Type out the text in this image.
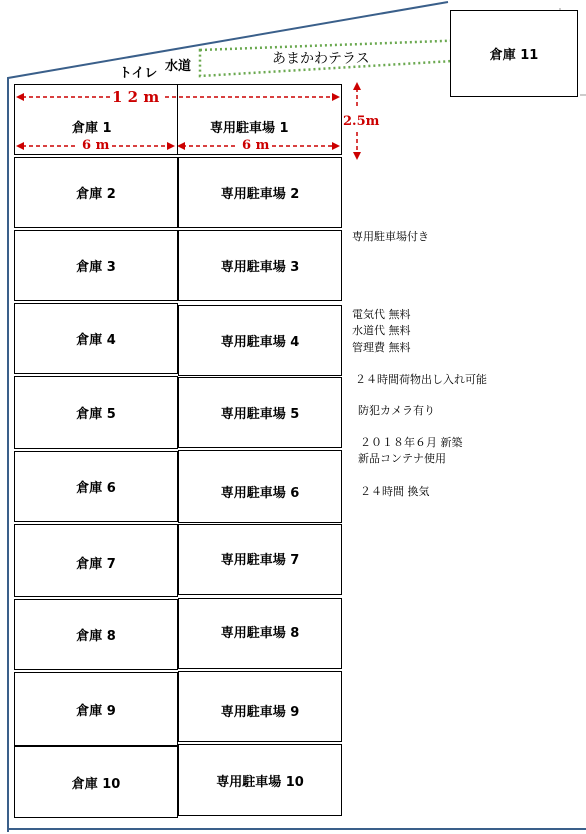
トイレ 水道	あまかわテラス	倉庫 11
1 2 m
6 m	6 m
2.5m
倉庫 1	専用駐車場 1
倉庫 2	専用駐車場 2
倉庫 3	専用駐車場 3
倉庫 4	専用駐車場 4
倉庫 5	専用駐車場 5
倉庫 6	専用駐車場 6
倉庫 7	専用駐車場 7
倉庫 8	専用駐車場 8
倉庫 9	専用駐車場 9
倉庫 10	専用駐車場 10
専用駐車場付き
電気代 無料
水道代 無料
管理費 無料
２４時間荷物出し入れ可能
防犯カメラ有り
２０１８年６月 新築
新品コンテナ使用
２４時間 換気
